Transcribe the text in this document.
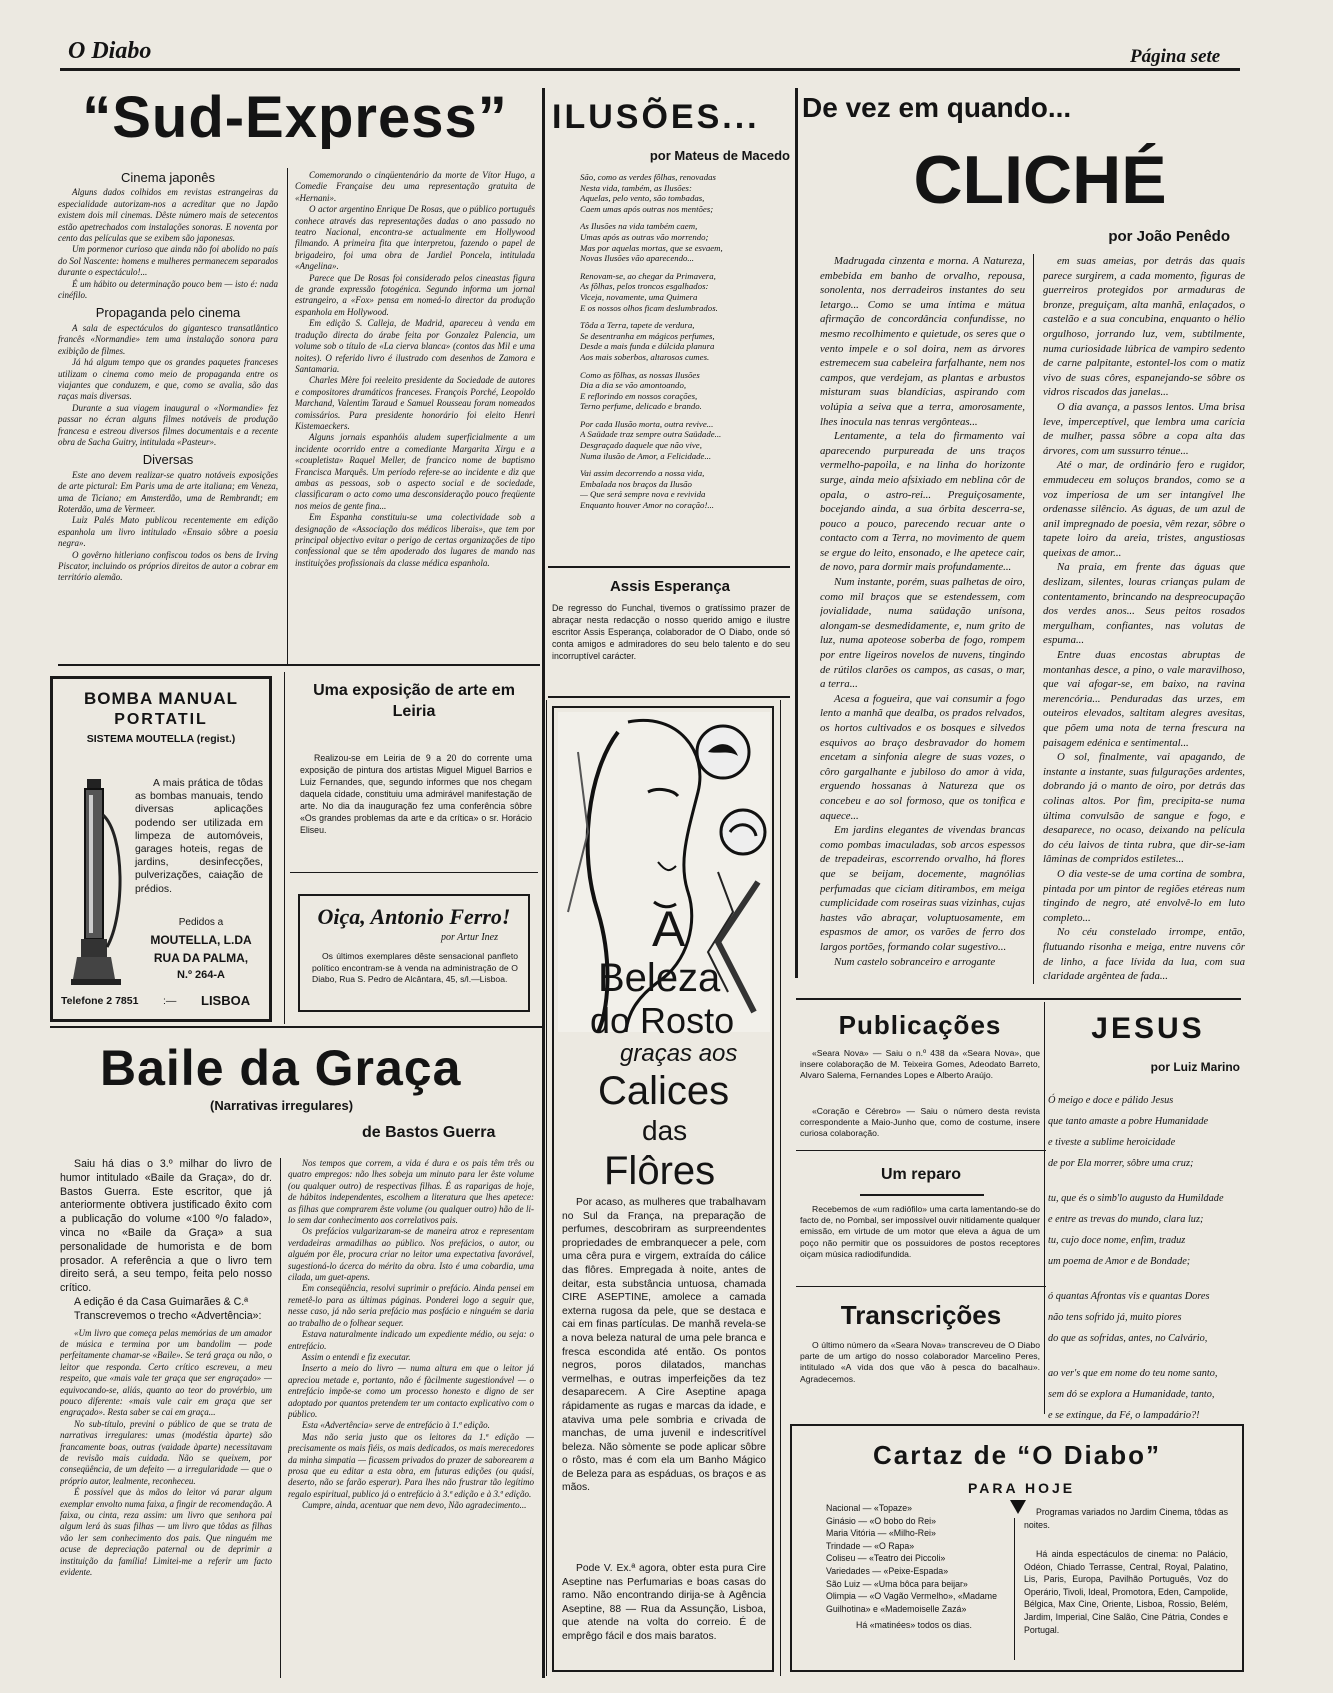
O Diabo	Página sete
“Sud-Express”
Cinema japonês

Alguns dados colhidos em revistas estrangeiras da especialidade autorizam-nos a acreditar que no Japão existem dois mil cinemas. Dêste número mais de setecentos estão apetrechados com instalações sonoras. E noventa por cento das películas que se exibem são japonesas.

Um pormenor curioso que ainda não foi abolido no país do Sol Nascente: homens e mulheres permanecem separados durante o espectáculo!...

É um hábito ou determinação pouco bem — isto é: nada cinéfilo.

Propaganda pelo cinema

A sala de espectáculos do gigantesco transatlântico francês «Normandie» tem uma instalação sonora para exibição de filmes.

Já há algum tempo que os grandes paquetes franceses utilizam o cinema como meio de propaganda entre os viajantes que conduzem, e que, como se avalia, são das raças mais diversas.

Durante a sua viagem inaugural o «Normandie» fez passar no écran alguns filmes notáveis de produção francesa e estreou diversos filmes documentais e a recente obra de Sacha Guitry, intitulada «Pasteur».

Diversas

Este ano devem realizar-se quatro notáveis exposições de arte pictural: Em Paris uma de arte italiana; em Veneza, uma de Ticiano; em Amsterdão, uma de Rembrandt; em Roterdão, uma de Vermeer.

Luiz Palés Mato publicou recentemente em edição espanhola um livro intitulado «Ensaio sôbre a poesia negra».

O govêrno hitleriano confiscou todos os bens de Irving Piscator, incluindo os próprios direitos de autor a cobrar em território alemão.

Comemorando o cinqüentenário da morte de Vítor Hugo, a Comedie Française deu uma representação gratuita de «Hernani».

O actor argentino Enrique De Rosas, que o público português conhece através das representações dadas o ano passado no teatro Nacional, encontra-se actualmente em Hollywood filmando. A primeira fita que interpretou, fazendo o papel de brigadeiro, foi uma obra de Jardiel Poncela, intitulada «Angelina».

Parece que De Rosas foi considerado pelos cineastas figura de grande expressão fotogénica. Segundo informa um jornal estrangeiro, a «Fox» pensa em nomeá-lo director da produção espanhola em Hollywood.

Em edição S. Calleja, de Madrid, apareceu à venda em tradução directa do árabe feita por Gonzalez Palencia, um volume sob o título de «La cierva blanca» (contos das Mil e uma noites). O referido livro é ilustrado com desenhos de Zamora e Santamaria.

Charles Mère foi reeleito presidente da Sociedade de autores e compositores dramáticos franceses. François Porché, Leopoldo Marchand, Valentim Taraud e Samuel Rousseau foram nomeados comissários. Para presidente honorário foi eleito Henri Kistemaeckers.

Alguns jornais espanhóis aludem superficialmente a um incidente ocorrido entre a comediante Margarita Xirgu e a «coupletista» Raquel Meller, de francico nome de baptismo Francisca Marquês. Um período refere-se ao incidente e diz que ambas as pessoas, sob o aspecto social e de sociedade, classificaram o acto como uma desconsideração pouco freqüente nos meios de gente fina...

Em Espanha constituiu-se uma colectividade sob a designação de «Associação dos médicos liberais», que tem por principal objectivo evitar o perigo de certas organizações de tipo confessional que se têm apoderado dos lugares de mando nas instituições profissionais da classe médica espanhola.

ILUSÕES...
por Mateus de Macedo

São, como as verdes fôlhas, renovadas
Nesta vida, também, as Ilusões:
Aquelas, pelo vento, são tombadas,
Caem umas após outras nos mentões;

As Ilusões na vida também caem,
Umas após as outras vão morrendo;
Mas por aquelas mortas, que se esvaem,
Novas Ilusões vão aparecendo...

Renovam-se, ao chegar da Primavera,
As fôlhas, pelos troncos esgalhados:
Viceja, novamente, uma Quimera
E os nossos olhos ficam deslumbrados.

Tôda a Terra, tapete de verdura,
Se desentranha em mágicos perfumes,
Desde a mais funda e dúlcida planura
Aos mais soberbos, altarosos cumes.

Como as fôlhas, as nossas Ilusões
Dia a dia se vão amontoando,
E reflorindo em nossos corações,
Terno perfume, delicado e brando.

Por cada Ilusão morta, outra revive...
A Saüdade traz sempre outra Saüdade...
Desgraçado daquele que não vive,
Numa ilusão de Amor, a Felicidade...

Vai assim decorrendo a nossa vida,
Embalada nos braços da Ilusão
— Que será sempre nova e revivida
Enquanto houver Amor no coração!...

Assis Esperança
De regresso do Funchal, tivemos o gratíssimo prazer de abraçar nesta redacção o nosso querido amigo e ilustre escritor Assis Esperança, colaborador de O Diabo, onde só conta amigos e admiradores do seu belo talento e do seu incorruptível carácter.
De vez em quando...
CLICHÉ
por João Penêdo

Madrugada cinzenta e morna. A Natureza, embebida em banho de orvalho, repousa, sonolenta, nos derradeiros instantes do seu letargo... Como se uma íntima e mútua afirmação de concordância confundisse, no mesmo recolhimento e quietude, os seres que o vento impele e o sol doira, nem as árvores estremecem sua cabeleira farfalhante, nem nos campos, que verdejam, as plantas e arbustos misturam suas blandícias, aspirando com volúpia a seiva que a terra, amorosamente, lhes inocula nas tenras vergônteas...

Lentamente, a tela do firmamento vai aparecendo purpureada de uns traços vermelho-papoila, e na linha do horizonte surge, ainda meio afsixiado em neblina côr de opala, o astro-rei... Preguiçosamente, bocejando ainda, a sua órbita descerra-se, pouco a pouco, parecendo recuar ante o contacto com a Terra, no movimento de quem se ergue do leito, ensonado, e lhe apetece cair, de novo, para dormir mais profundamente...

Num instante, porém, suas palhetas de oiro, como mil braços que se estendessem, com jovialidade, numa saüdação unísona, alongam-se desmedidamente, e, num grito de luz, numa apoteose soberba de fogo, rompem por entre ligeiros novelos de nuvens, tingindo de rútilos clarões os campos, as casas, o mar, a terra...

Acesa a fogueira, que vai consumir a fogo lento a manhã que dealba, os prados relvados, os hortos cultivados e os bosques e silvedos esquivos ao braço desbravador do homem encetam a sinfonia alegre de suas vozes, o côro gargalhante e jubiloso do amor à vida, erguendo hossanas à Natureza que os concebeu e ao sol formoso, que os tonifica e aquece...

Em jardins elegantes de vivendas brancas como pombas imaculadas, sob arcos espessos de trepadeiras, escorrendo orvalho, há flores que se beijam, docemente, magnólias perfumadas que ciciam ditirambos, em meiga cumplicidade com roseiras suas vizinhas, cujas hastes vão abraçar, voluptuosamente, em espasmos de amor, os varões de ferro dos largos portões, formando colar sugestivo...

Num castelo sobranceiro e arrogante

em suas ameias, por detrás das quais parece surgirem, a cada momento, figuras de guerreiros protegidos por armaduras de bronze, preguiçam, alta manhã, enlaçados, o castelão e a sua concubina, enquanto o hélio orgulhoso, jorrando luz, vem, subtilmente, numa curiosidade lúbrica de vampiro sedento de carne palpitante, estontel-los com o matiz vivo de suas côres, espanejando-se sôbre os vidros riscados das janelas...

O dia avança, a passos lentos. Uma brisa leve, imperceptível, que lembra uma carícia de mulher, passa sôbre a copa alta das árvores, com um sussurro ténue...

Até o mar, de ordinário fero e rugidor, emmudeceu em soluços brandos, como se a voz imperiosa de um ser intangível lhe ordenasse silêncio. As águas, de um azul de anil impregnado de poesia, vêm rezar, sôbre o tapete loiro da areia, tristes, angustiosas queixas de amor...

Na praia, em frente das águas que deslizam, silentes, louras crianças pulam de contentamento, brincando na despreocupação dos verdes anos... Seus peitos rosados mergulham, confiantes, nas volutas de espuma...

Entre duas encostas abruptas de montanhas desce, a pino, o vale maravilhoso, que vai afogar-se, em baixo, na ravina merencória... Penduradas das urzes, em outeiros elevados, saltitam alegres avesitas, que põem uma nota de terna frescura na paisagem edénica e sentimental...

O sol, finalmente, vai apagando, de instante a instante, suas fulgurações ardentes, dobrando já o manto de oiro, por detrás das colinas altos. Por fim, precipita-se numa última convulsão de sangue e fogo, e desaparece, no ocaso, deixando na película do céu laivos de tinta rubra, que dir-se-iam lâminas de compridos estiletes...

O dia veste-se de uma cortina de sombra, pintada por um pintor de regiões etéreas num tingindo de negro, até envolvê-lo em luto completo...

No céu constelado irrompe, então, flutuando risonha e meiga, entre nuvens côr de linho, a face lívida da lua, com sua claridade argêntea de fada...

BOMBA MANUAL
PORTATIL
SISTEMA MOUTELLA (regist.)
A mais prática de tôdas as bombas manuais, tendo diversas aplicações podendo ser utilizada em limpeza de automóveis, garages hoteis, regas de jardins, desinfecções, pulverizações, caiação de prédios.
Pedidos a
MOUTELLA, L.DA
RUA DA PALMA,
N.º 264-A
Telefone 2 7851 :— LISBOA
Uma exposição de arte em Leiria
Realizou-se em Leiria de 9 a 20 do corrente uma exposição de pintura dos artistas Miguel Miguel Barrios e Luiz Fernandes, que, segundo informes que nos chegam daquela cidade, constituiu uma admirável manifestação de arte. No dia da inauguração fez uma conferência sôbre «Os grandes problemas da arte e da crítica» o sr. Horácio Eliseu.
Oiça, Antonio Ferro!
por Artur Inez
Os últimos exemplares dêste sensacional panfleto político encontram-se à venda na administração de O Diabo, Rua S. Pedro de Alcântara, 45, s/l.—Lisboa.
A
Beleza
do Rosto
graças aos
Calices
das
Flôres
Por acaso, as mulheres que trabalhavam no Sul da França, na preparação de perfumes, descobriram as surpreendentes propriedades de embranquecer a pele, com uma cêra pura e virgem, extraída do cálice das flôres. Empregada à noite, antes de deitar, esta substância untuosa, chamada CIRE ASEPTINE, amolece a camada externa rugosa da pele, que se destaca e cai em finas partículas. De manhã revela-se a nova beleza natural de uma pele branca e fresca escondida até então. Os pontos negros, poros dilatados, manchas vermelhas, e outras imperfeições da tez desaparecem. A Cire Aseptine apaga rápidamente as rugas e marcas da idade, e ataviva uma pele sombria e crivada de manchas, de uma juvenil e indescritível beleza. Não sòmente se pode aplicar sôbre o rôsto, mas é com ela um Banho Mágico de Beleza para as espáduas, os braços e as mãos.
Pode V. Ex.ª agora, obter esta pura Cire Aseptine nas Perfumarias e boas casas do ramo. Não encontrando dirija-se à Agência Aseptine, 88 — Rua da Assunção, Lisboa, que atende na volta do correio. É de emprêgo fácil e dos mais baratos.
Baile da Graça
(Narrativas irregulares)
de Bastos Guerra

Saiu há dias o 3.º milhar do livro de humor intitulado «Baile da Graça», do dr. Bastos Guerra. Este escritor, que já anteriormente obtivera justificado êxito com a publicação do volume «100 º/o falado», vinca no «Baile da Graça» a sua personalidade de humorista e de bom prosador. A referência a que o livro tem direito será, a seu tempo, feita pelo nosso crítico.

A edição é da Casa Guimarães & C.ª

Transcrevemos o trecho «Advertência»:

«Um livro que começa pelas memórias de um amador de música e termina por um bandolim — pode perfeitamente chamar-se «Baile». Se terá graça ou não, o leitor que responda. Certo crítico escreveu, a meu respeito, que «mais vale ter graça que ser engraçado» — equivocando-se, aliás, quanto ao teor do provérbio, um pouco diferente: «mais vale cair em graça que ser engraçado». Resta saber se cai em graça...

No sub-título, previni o público de que se trata de narrativas irregulares: umas (modéstia àparte) são francamente boas, outras (vaidade àparte) necessitavam de revisão mais cuidada. Não se queixem, por conseqüência, de um defeito — a irregularidade — que o próprio autor, lealmente, reconheceu.

É possível que às mãos do leitor vá parar algum exemplar envolto numa faixa, a fingir de recomendação. A faixa, ou cinta, reza assim: um livro que senhora pai algum lerá às suas filhas — um livro que tôdas as filhas vão ler sem conhecimento dos pais. Que ninguém me acuse de depreciação paternal ou de deprimir a instituição da família! Limitei-me a referir um facto evidente.

Nos tempos que correm, a vida é dura e os pais têm três ou quatro empregos: não lhes sobeja um minuto para ler êste volume (ou qualquer outro) de respectivas filhas. É as raparigas de hoje, de hábitos independentes, escolhem a literatura que lhes apetece: as filhas que comprarem êste volume (ou qualquer outro) hão de li-lo sem dar conhecimento aos correlativos pais.

Os prefácios vulgarizaram-se de maneira atroz e representam verdadeiras armadilhas ao público. Nos prefácios, o autor, ou alguém por êle, procura criar no leitor uma expectativa favorável, sugestioná-lo ácerca do mérito da obra. Isto é uma cobardia, uma cilada, um guet-apens.

Em conseqüência, resolvi suprimir o prefácio. Ainda pensei em remetê-lo para as últimas páginas. Ponderei logo a seguir que, nesse caso, já não seria prefácio mas posfácio e ninguém se daria ao trabalho de o folhear sequer.

Estava naturalmente indicado um expediente médio, ou seja: o entrefácio.

Assim o entendi e fiz executar.

Inserto a meio do livro — numa altura em que o leitor já apreciou metade e, portanto, não é fàcilmente sugestionável — o entrefácio impõe-se como um processo honesto e digno de ser adoptado por quantos pretendem ter um contacto explicativo com o público.

Esta «Advertência» serve de entrefácio à 1.ª edição.

Mas não seria justo que os leitores da 1.ª edição — precisamente os mais fiéis, os mais dedicados, os mais merecedores da minha simpatia — ficassem privados do prazer de saborearem a prosa que eu editar a esta obra, em futuras edições (ou quási, deserto, não se farão esperar). Para lhes não frustrar tão legítimo regalo espiritual, publico já o entrefácio à 3.ª edição e à 3.ª edição.

Cumpre, ainda, acentuar que nem devo, Não agradecimento...

Publicações
«Seara Nova» — Saiu o n.º 438 da «Seara Nova», que insere colaboração de M. Teixeira Gomes, Adeodato Barreto, Alvaro Salema, Fernandes Lopes e Alberto Araújo.
«Coração e Cérebro» — Saiu o número desta revista correspondente a Maio-Junho que, como de costume, insere curiosa colaboração.
Um reparo
Recebemos de «um radiófilo» uma carta lamentando-se do facto de, no Pombal, ser impossível ouvir nitidamente qualquer emissão, em virtude de um motor que eleva a água de um poço não permitir que os possuidores de postos receptores oiçam música radiodifundida.
Transcrições
O último número da «Seara Nova» transcreveu de O Diabo parte de um artigo do nosso colaborador Marcelino Peres, intitulado «A vida dos que vão à pesca do bacalhau». Agradecemos.
JESUS
por Luiz Marino

Ó meigo e doce e pálido Jesus
que tanto amaste a pobre Humanidade
e tiveste a sublime heroicidade
de por Ela morrer, sôbre uma cruz;

tu, que és o simb'lo augusto da Humildade
e entre as trevas do mundo, clara luz;
tu, cujo doce nome, enfim, traduz
um poema de Amor e de Bondade;

ó quantas Afrontas vis e quantas Dores
não tens sofrido já, muito piores
do que as sofridas, antes, no Calvário,

ao ver's que em nome do teu nome santo,
sem dó se explora a Humanidade, tanto,
e se extingue, da Fé, o lampadário?!

Cartaz de “O Diabo”
PARA HOJE
Nacional — «Topaze»
Ginásio — «O bobo do Rei»
Maria Vitória — «Milho-Rei»
Trindade — «O Rapa»
Coliseu — «Teatro dei Piccoli»
Variedades — «Peixe-Espada»
São Luiz — «Uma bôca para beijar»
Olimpia — «O Vagão Vermelho», «Madame Guilhotina» e «Mademoiselle Zazá»
Há «matinées» todos os dias.
Programas variados no Jardim Cinema, tôdas as noites.
Há ainda espectáculos de cinema: no Palácio, Odéon, Chiado Terrasse, Central, Royal, Palatino, Lis, Paris, Europa, Pavilhão Português, Voz do Operário, Tivoli, Ideal, Promotora, Eden, Campolide, Bélgica, Max Cine, Oriente, Lisboa, Rossio, Belém, Jardim, Imperial, Cine Salão, Cine Pátria, Condes e Portugal.
